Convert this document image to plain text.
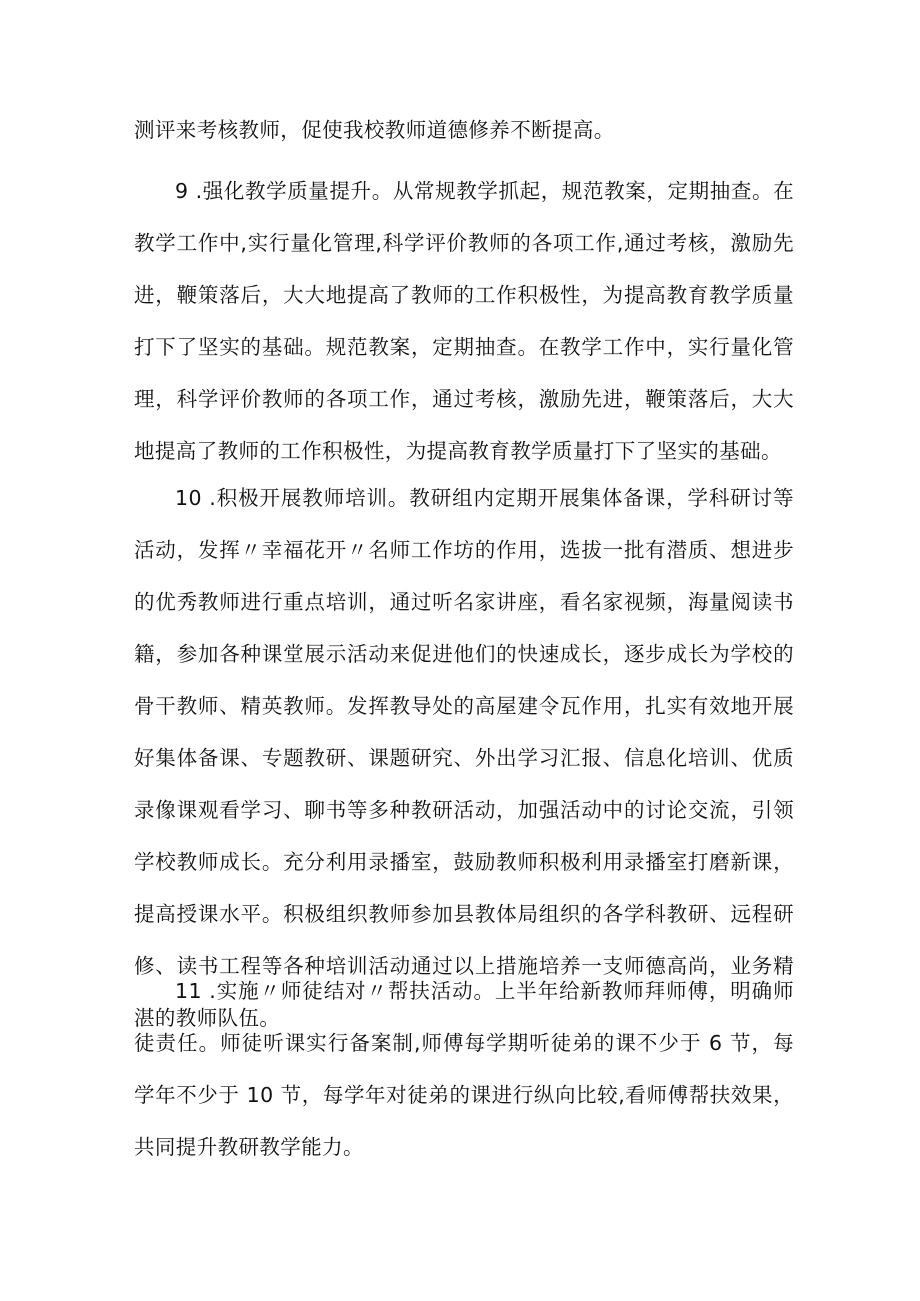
测评来考核教师，促使我校教师道德修养不断提高。

9 .强化教学质量提升。从常规教学抓起，规范教案，定期抽查。在教学工作中,实行量化管理,科学评价教师的各项工作,通过考核，激励先进，鞭策落后，大大地提高了教师的工作积极性，为提高教育教学质量打下了坚实的基础。规范教案，定期抽查。在教学工作中，实行量化管理，科学评价教师的各项工作，通过考核，激励先进，鞭策落后，大大地提高了教师的工作积极性，为提高教育教学质量打下了坚实的基础。

10 .积极开展教师培训。教研组内定期开展集体备课，学科研讨等活动，发挥〃幸福花开〃名师工作坊的作用，选拔一批有潜质、想进步的优秀教师进行重点培训，通过听名家讲座，看名家视频，海量阅读书籍，参加各种课堂展示活动来促进他们的快速成长，逐步成长为学校的骨干教师、精英教师。发挥教导处的高屋建令瓦作用，扎实有效地开展好集体备课、专题教研、课题研究、外出学习汇报、信息化培训、优质录像课观看学习、聊书等多种教研活动，加强活动中的讨论交流，引领学校教师成长。充分利用录播室，鼓励教师积极利用录播室打磨新课，提高授课水平。积极组织教师参加县教体局组织的各学科教研、远程研修、读书工程等各种培训活动通过以上措施培养一支师德高尚，业务精湛的教师队伍。

11 .实施〃师徒结对〃帮扶活动。上半年给新教师拜师傅，明确师徒责任。师徒听课实行备案制,师傅每学期听徒弟的课不少于 6 节，每学年不少于 10 节，每学年对徒弟的课进行纵向比较,看师傅帮扶效果，共同提升教研教学能力。
